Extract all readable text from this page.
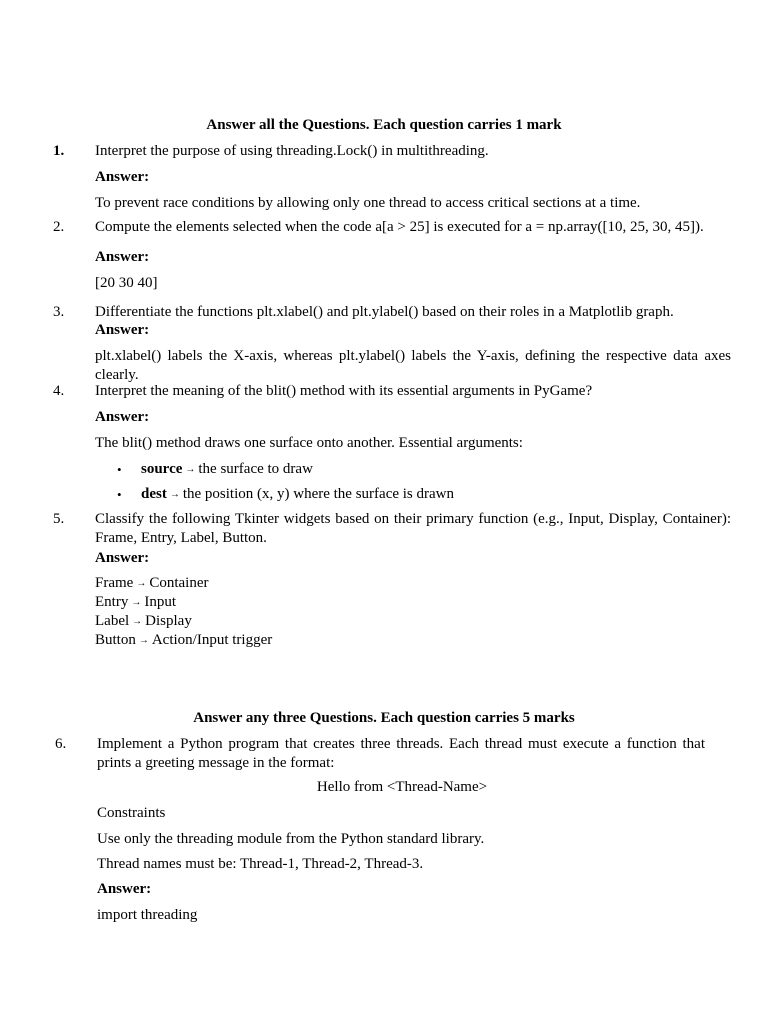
Answer all the Questions. Each question carries 1 mark
1. Interpret the purpose of using threading.Lock() in multithreading.
Answer:
To prevent race conditions by allowing only one thread to access critical sections at a time.
2. Compute the elements selected when the code a[a > 25] is executed for a = np.array([10, 25, 30, 45]).
Answer:
[20 30 40]
3. Differentiate the functions plt.xlabel() and plt.ylabel() based on their roles in a Matplotlib graph.
Answer:
plt.xlabel() labels the X-axis, whereas plt.ylabel() labels the Y-axis, defining the respective data axes clearly.
4. Interpret the meaning of the blit() method with its essential arguments in PyGame?
Answer:
The blit() method draws one surface onto another. Essential arguments:
• source → the surface to draw
• dest → the position (x, y) where the surface is drawn
5. Classify the following Tkinter widgets based on their primary function (e.g., Input, Display, Container): Frame, Entry, Label, Button.
Answer:
Frame → Container
Entry → Input
Label → Display
Button → Action/Input trigger
Answer any three Questions. Each question carries 5 marks
6. Implement a Python program that creates three threads. Each thread must execute a function that prints a greeting message in the format:
Hello from <Thread-Name>
Constraints
Use only the threading module from the Python standard library.
Thread names must be: Thread-1, Thread-2, Thread-3.
Answer:
import threading
